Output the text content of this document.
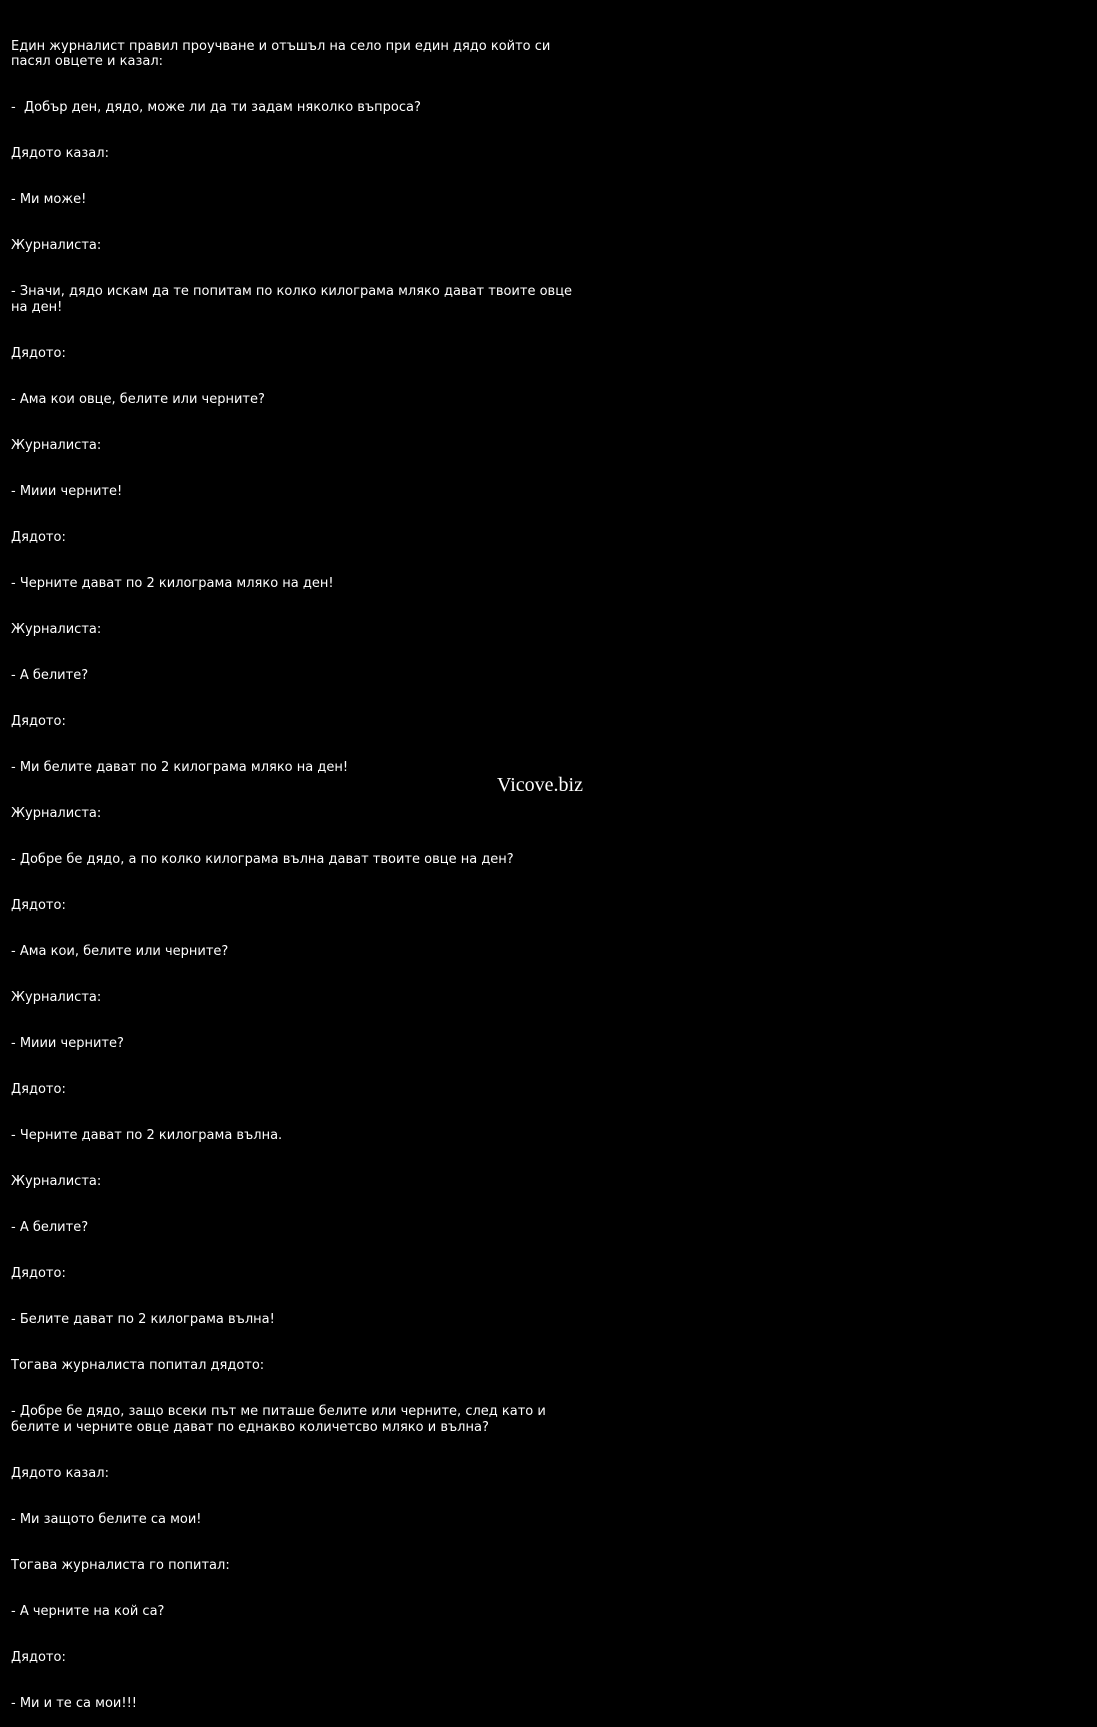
Един журналист правил проучване и отъшъл на село при един дядо който си пасял овцете и казал:

-  Добър ден, дядо, може ли да ти задам няколко въпроса?

Дядото казал:

- Ми може!

Журналиста:

- Значи, дядо искам да те попитам по колко килограма мляко дават твоите овце на ден!

Дядото:

- Ама кои овце, белите или черните?

Журналиста:

- Миии черните!

Дядото:

- Черните дават по 2 килограма мляко на ден!

Журналиста:

- А белите?

Дядото:

- Ми белите дават по 2 килограма мляко на ден!

Журналиста:

- Добре бе дядо, а по колко килограма вълна дават твоите овце на ден?

Дядото:

- Ама кои, белите или черните?

Журналиста:

- Миии черните?

Дядото:

- Черните дават по 2 килограма вълна.

Журналиста:

- А белите?

Дядото:

- Белите дават по 2 килограма вълна!

Тогава журналиста попитал дядото:

- Добре бе дядо, защо всеки път ме питаше белите или черните, след като и белите и черните овце дават по еднакво количетсво мляко и вълна?

Дядото казал:

- Ми защото белите са мои!

Тогава журналиста го попитал:

- А черните на кой са?

Дядото:

- Ми и те са мои!!!

Vicove.biz
